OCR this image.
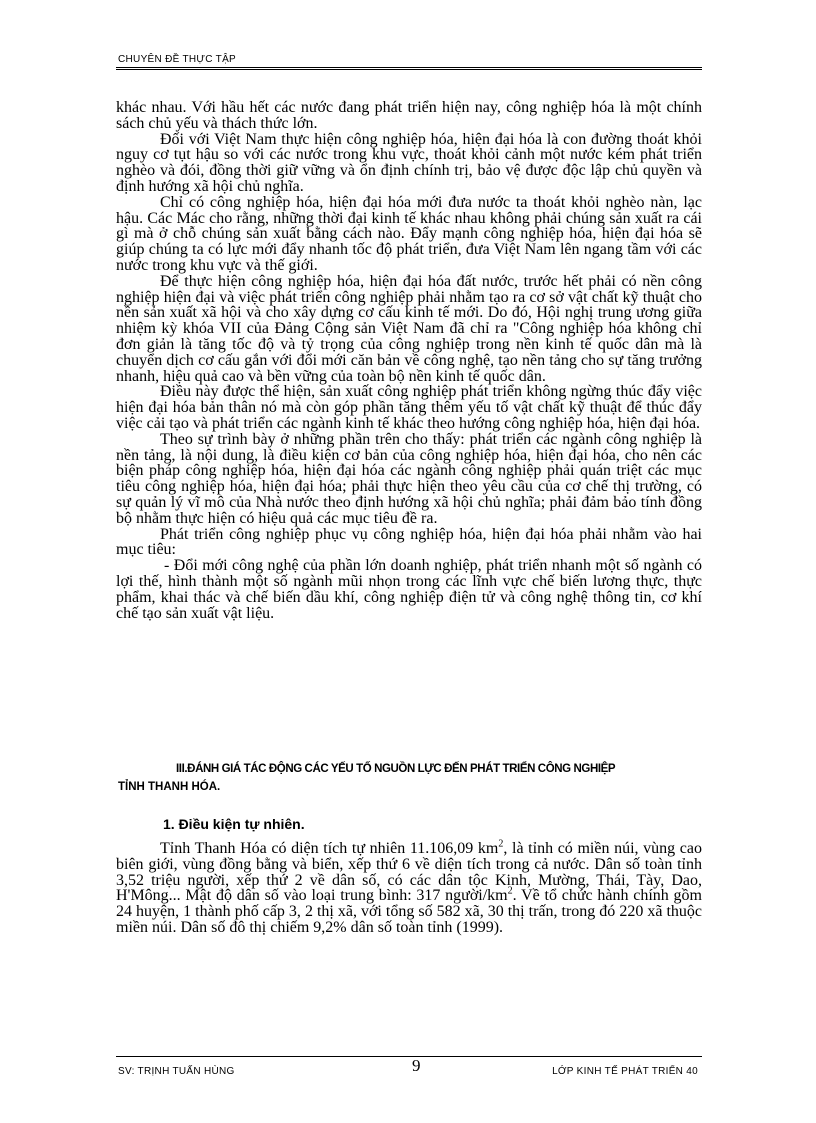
CHUYÊN ĐỀ THỰC TẬP

khác nhau. Với hầu hết các nước đang phát triển hiện nay, công nghiệp hóa là một chính sách chủ yếu và thách thức lớn.

Đối với Việt Nam thực hiện công nghiệp hóa, hiện đại hóa là con đường thoát khỏi nguy cơ tụt hậu so với các nước trong khu vực, thoát khỏi cảnh một nước kém phát triển nghèo và đói, đồng thời giữ vững và ổn định chính trị, bảo vệ được độc lập chủ quyền và định hướng xã hội chủ nghĩa.

Chỉ có công nghiệp hóa, hiện đại hóa mới đưa nước ta thoát khỏi nghèo nàn, lạc hậu. Các Mác cho rằng, những thời đại kinh tế khác nhau không phải chúng sản xuất ra cái gì mà ở chỗ chúng sản xuất bằng cách nào. Đẩy mạnh công nghiệp hóa, hiện đại hóa sẽ giúp chúng ta có lực mới đẩy nhanh tốc độ phát triển, đưa Việt Nam lên ngang tầm với các nước trong khu vực và thế giới.

Để thực hiện công nghiệp hóa, hiện đại hóa đất nước, trước hết phải có nền công nghiệp hiện đại và việc phát triển công nghiệp phải nhằm tạo ra cơ sở vật chất kỹ thuật cho nền sản xuất xã hội và cho xây dựng cơ cấu kinh tế mới. Do đó, Hội nghị trung ương giữa nhiệm kỳ khóa VII của Đảng Cộng sản Việt Nam đã chỉ ra "Công nghiệp hóa không chỉ đơn giản là tăng tốc độ và tỷ trọng của công nghiệp trong nền kinh tế quốc dân mà là chuyển dịch cơ cấu gắn với đổi mới căn bản về công nghệ, tạo nền tảng cho sự tăng trưởng nhanh, hiệu quả cao và bền vững của toàn bộ nền kinh tế quốc dân.

Điều này được thể hiện, sản xuất công nghiệp phát triển không ngừng thúc đẩy việc hiện đại hóa bản thân nó mà còn góp phần tăng thêm yếu tố vật chất kỹ thuật để thúc đẩy việc cải tạo và phát triển các ngành kinh tế khác theo hướng công nghiệp hóa, hiện đại hóa.

Theo sự trình bày ở những phần trên cho thấy: phát triển các ngành công nghiệp là nền tảng, là nội dung, là điều kiện cơ bản của công nghiệp hóa, hiện đại hóa, cho nên các biện pháp công nghiệp hóa, hiện đại hóa các ngành công nghiệp phải quán triệt các mục tiêu công nghiệp hóa, hiện đại hóa; phải thực hiện theo yêu cầu của cơ chế thị trường, có sự quản lý vĩ mô của Nhà nước theo định hướng xã hội chủ nghĩa; phải đảm bảo tính đồng bộ nhằm thực hiện có hiệu quả các mục tiêu đề ra.

Phát triển công nghiệp phục vụ công nghiệp hóa, hiện đại hóa phải nhằm vào hai mục tiêu:

- Đổi mới công nghệ của phần lớn doanh nghiệp, phát triển nhanh một số ngành có lợi thế, hình thành một số ngành mũi nhọn trong các lĩnh vực chế biến lương thực, thực phẩm, khai thác và chế biến dầu khí, công nghiệp điện tử và công nghệ thông tin, cơ khí chế tạo sản xuất vật liệu.

III.ĐÁNH GIÁ TÁC ĐỘNG CÁC YẾU TỐ NGUỒN LỰC ĐẾN PHÁT TRIỂN CÔNG NGHIỆP
TỈNH THANH HÓA.
1. Điều kiện tự nhiên.

Tỉnh Thanh Hóa có diện tích tự nhiên 11.106,09 $km^2$, là tỉnh có miền núi, vùng cao biên giới, vùng đồng bằng và biển, xếp thứ 6 về diện tích trong cả nước. Dân số toàn tỉnh 3,52 triệu người, xếp thứ 2 về dân số, có các dân tộc Kinh, Mường, Thái, Tày, Dao, H'Mông... Mật độ dân số vào loại trung bình: 317 người/$km^2$. Về tổ chức hành chính gồm 24 huyện, 1 thành phố cấp 3, 2 thị xã, với tổng số 582 xã, 30 thị trấn, trong đó 220 xã thuộc miền núi. Dân số đô thị chiếm 9,2% dân số toàn tỉnh (1999).

SV: TRỊNH TUẤN HÙNG	9	LỚP KINH TẾ PHÁT TRIỂN 40
